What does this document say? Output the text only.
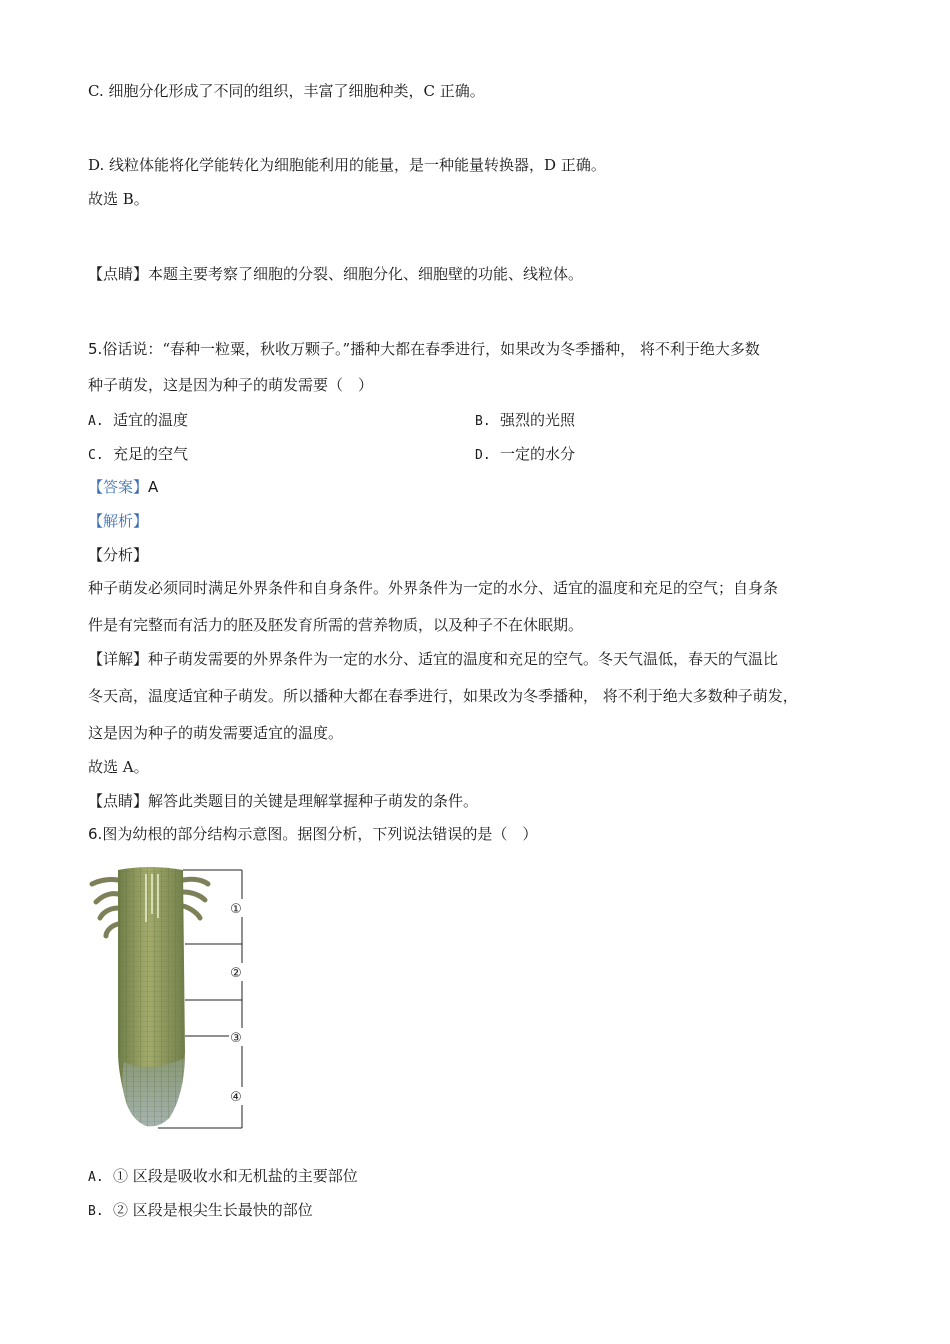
C. 细胞分化形成了不同的组织，丰富了细胞种类，C 正确。
D. 线粒体能将化学能转化为细胞能利用的能量，是一种能量转换器，D 正确。
故选 B。
【点睛】本题主要考察了细胞的分裂、细胞分化、细胞壁的功能、线粒体。
5.俗话说：“春种一粒粟，秋收万颗子。”播种大都在春季进行，如果改为冬季播种， 将不利于绝大多数
种子萌发，这是因为种子的萌发需要（　）
A. 适宜的温度	B. 强烈的光照
C. 充足的空气	D. 一定的水分
【答案】A
【解析】
【分析】
种子萌发必须同时满足外界条件和自身条件。外界条件为一定的水分、适宜的温度和充足的空气；自身条
件是有完整而有活力的胚及胚发育所需的营养物质，以及种子不在休眠期。
【详解】种子萌发需要的外界条件为一定的水分、适宜的温度和充足的空气。冬天气温低，春天的气温比
冬天高，温度适宜种子萌发。所以播种大都在春季进行，如果改为冬季播种， 将不利于绝大多数种子萌发，
这是因为种子的萌发需要适宜的温度。
故选 A。
【点睛】解答此类题目的关键是理解掌握种子萌发的条件。
6.图为幼根的部分结构示意图。据图分析，下列说法错误的是（　）
①
②
③
④
A. ① 区段是吸收水和无机盐的主要部位
B. ② 区段是根尖生长最快的部位
